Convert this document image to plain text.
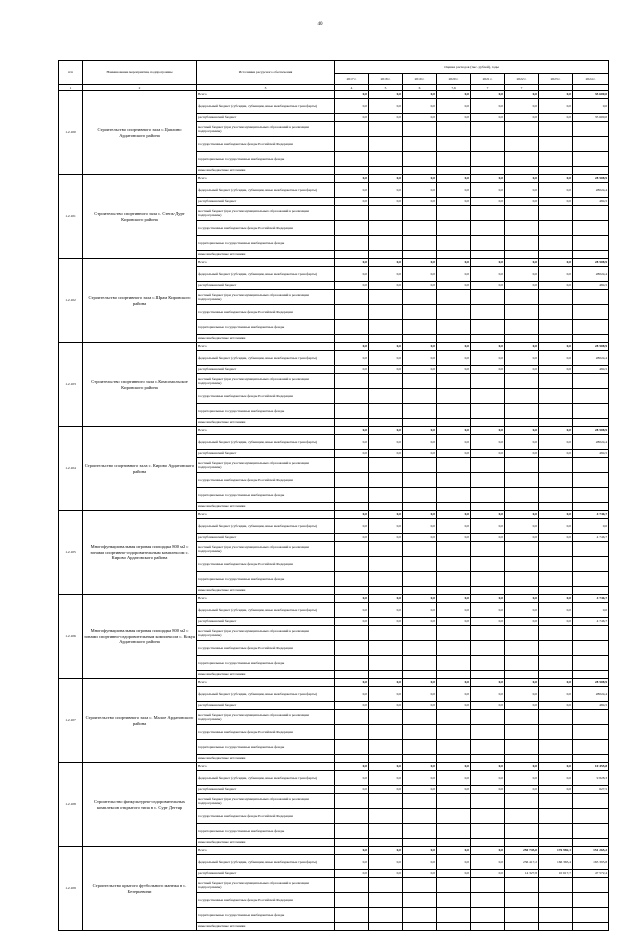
40
п/п	Наименование мероприятия, подпрограммы	Источники ресурсного обеспечения	Оценка расходов (тыс. рублей), годы							
			2017 г.	2018 г.	2019 г.	2020 г.	2021 г.	2022 г.	2023 г.	2024 г.
1	2	3	4	5	6	7,6	7	7		
1.2.100	Строительство спортивного зала с.Цаплино Ардатовского района	Всего	0,0	0,0	0,0	0,0	0,0	0,0	0,0	35 600,0
		федеральный бюджет (субсидии, субвенции, иные межбюджетные трансферты)	0,0	0,0	0,0	0,0	0,0	0,0	0,0	0,0
		республиканский бюджет	0,0	0,0	0,0	0,0	0,0	0,0	0,0	35 600,0
		местный бюджет (при участии муниципальных образований в реализации подпрограммы)								
		государственные внебюджетные фонды Российской Федерации								
		территориальные государственные внебюджетные фонды								
		иные внебюджетные источники								
1.2.101	Строительство спортивного зала с. Степь-Дурт Кировского района	Всего	0,0	0,0	0,0	0,0	0,0	0,0	0,0	28 508,9
		федеральный бюджет (субсидии, субвенции, иные межбюджетные трансферты)	0,0	0,0	0,0	0,0	0,0	0,0	0,0	28024,4
		республиканский бюджет	0,0	0,0	0,0	0,0	0,0	0,0	0,0	484,5
		местный бюджет (при участии муниципальных образований в реализации подпрограммы)								
		государственные внебюджетные фонды Российской Федерации								
		территориальные государственные внебюджетные фонды								
		иные внебюджетные источники								
1.2.102	Строительство спортивного зала с.Шрам Кировского района	Всего	0,0	0,0	0,0	0,0	0,0	0,0	0,0	28 508,9
		федеральный бюджет (субсидии, субвенции, иные межбюджетные трансферты)	0,0	0,0	0,0	0,0	0,0	0,0	0,0	28024,4
		республиканский бюджет	0,0	0,0	0,0	0,0	0,0	0,0	0,0	484,5
		местный бюджет (при участии муниципальных образований в реализации подпрограммы)								
		государственные внебюджетные фонды Российской Федерации								
		территориальные государственные внебюджетные фонды								
		иные внебюджетные источники								
1.2.103	Строительство спортивного зала с.Комсомольское Кировского района	Всего	0,0	0,0	0,0	0,0	0,0	0,0	0,0	28 508,9
		федеральный бюджет (субсидии, субвенции, иные межбюджетные трансферты)	0,0	0,0	0,0	0,0	0,0	0,0	0,0	28024,4
		республиканский бюджет	0,0	0,0	0,0	0,0	0,0	0,0	0,0	484,5
		местный бюджет (при участии муниципальных образований в реализации подпрограммы)								
		государственные внебюджетные фонды Российской Федерации								
		территориальные государственные внебюджетные фонды								
		иные внебюджетные источники								
1.2.104	Строительство спортивного зала с. Кирово Ардатовского района	Всего	0,0	0,0	0,0	0,0	0,0	0,0	0,0	28 508,9
		федеральный бюджет (субсидии, субвенции, иные межбюджетные трансферты)	0,0	0,0	0,0	0,0	0,0	0,0	0,0	28024,4
		республиканский бюджет	0,0	0,0	0,0	0,0	0,0	0,0	0,0	484,5
		местный бюджет (при участии муниципальных образований в реализации подпрограммы)								
		государственные внебюджетные фонды Российской Федерации								
		территориальные государственные внебюджетные фонды								
		иные внебюджетные источники								
1.2.105	Многофункциональная игровая площадка 800 м2 с зонами спортивно-оздоровительным комплексом с. Кирово Ардатовского района	Всего	0,0	0,0	0,0	0,0	0,0	0,0	0,0	4 746,7
		федеральный бюджет (субсидии, субвенции, иные межбюджетные трансферты)	0,0	0,0	0,0	0,0	0,0	0,0	0,0	0,0
		республиканский бюджет	0,0	0,0	0,0	0,0	0,0	0,0	0,0	4 746,7
		местный бюджет (при участии муниципальных образований в реализации подпрограммы)								
		государственные внебюджетные фонды Российской Федерации								
		территориальные государственные внебюджетные фонды								
		иные внебюджетные источники								
1.2.106	Многофункциональная игровая площадка 800 м2 с зонами спортивно-оздоровительным комплексом с. Кокуя Ардатовского района	Всего	0,0	0,0	0,0	0,0	0,0	0,0	0,0	4 746,7
		федеральный бюджет (субсидии, субвенции, иные межбюджетные трансферты)	0,0	0,0	0,0	0,0	0,0	0,0	0,0	0,0
		республиканский бюджет	0,0	0,0	0,0	0,0	0,0	0,0	0,0	4 746,7
		местный бюджет (при участии муниципальных образований в реализации подпрограммы)								
		государственные внебюджетные фонды Российской Федерации								
		территориальные государственные внебюджетные фонды								
		иные внебюджетные источники								
1.2.107	Строительство спортивного зала с. Малое Ардатовского района	Всего	0,0	0,0	0,0	0,0	0,0	0,0	0,0	28 508,9
		федеральный бюджет (субсидии, субвенции, иные межбюджетные трансферты)	0,0	0,0	0,0	0,0	0,0	0,0	0,0	28024,4
		республиканский бюджет	0,0	0,0	0,0	0,0	0,0	0,0	0,0	484,5
		местный бюджет (при участии муниципальных образований в реализации подпрограммы)								
		государственные внебюджетные фонды Российской Федерации								
		территориальные государственные внебюджетные фонды								
		иные внебюджетные источники								
1.2.108	Строительство физкультурно-оздоровительных комплексов открытого типа в с. Сурт Дегтяр	Всего	0,0	0,0	0,0	0,0	0,0	0,0	0,0	10 455,8
		федеральный бюджет (субсидии, субвенции, иные межбюджетные трансферты)	0,0	0,0	0,0	0,0	0,0	0,0	0,0	9 828,3
		республиканский бюджет	0,0	0,0	0,0	0,0	0,0	0,0	0,0	627,5
		местный бюджет (при участии муниципальных образований в реализации подпрограммы)								
		государственные внебюджетные фонды Российской Федерации								
		территориальные государственные внебюджетные фонды								
		иные внебюджетные источники								
1.2.109	Строительство крытого футбольного манежа в с. Безерьевичи	Всего	0,0	0,0	0,0	0,0	0,0	250 745,0	176 982,1	151 265,2
		федеральный бюджет (субсидии, субвенции, иные межбюджетные трансферты)	0,0	0,0	0,0	0,0	0,0	236 417,2	166 365,4	165 395,8
		республиканский бюджет	0,0	0,0	0,0	0,0	0,0	14 327,8	10 617,7	47 572,4
		местный бюджет (при участии муниципальных образований в реализации подпрограммы)								
		государственные внебюджетные фонды Российской Федерации								
		территориальные государственные внебюджетные фонды								
		иные внебюджетные источники								
